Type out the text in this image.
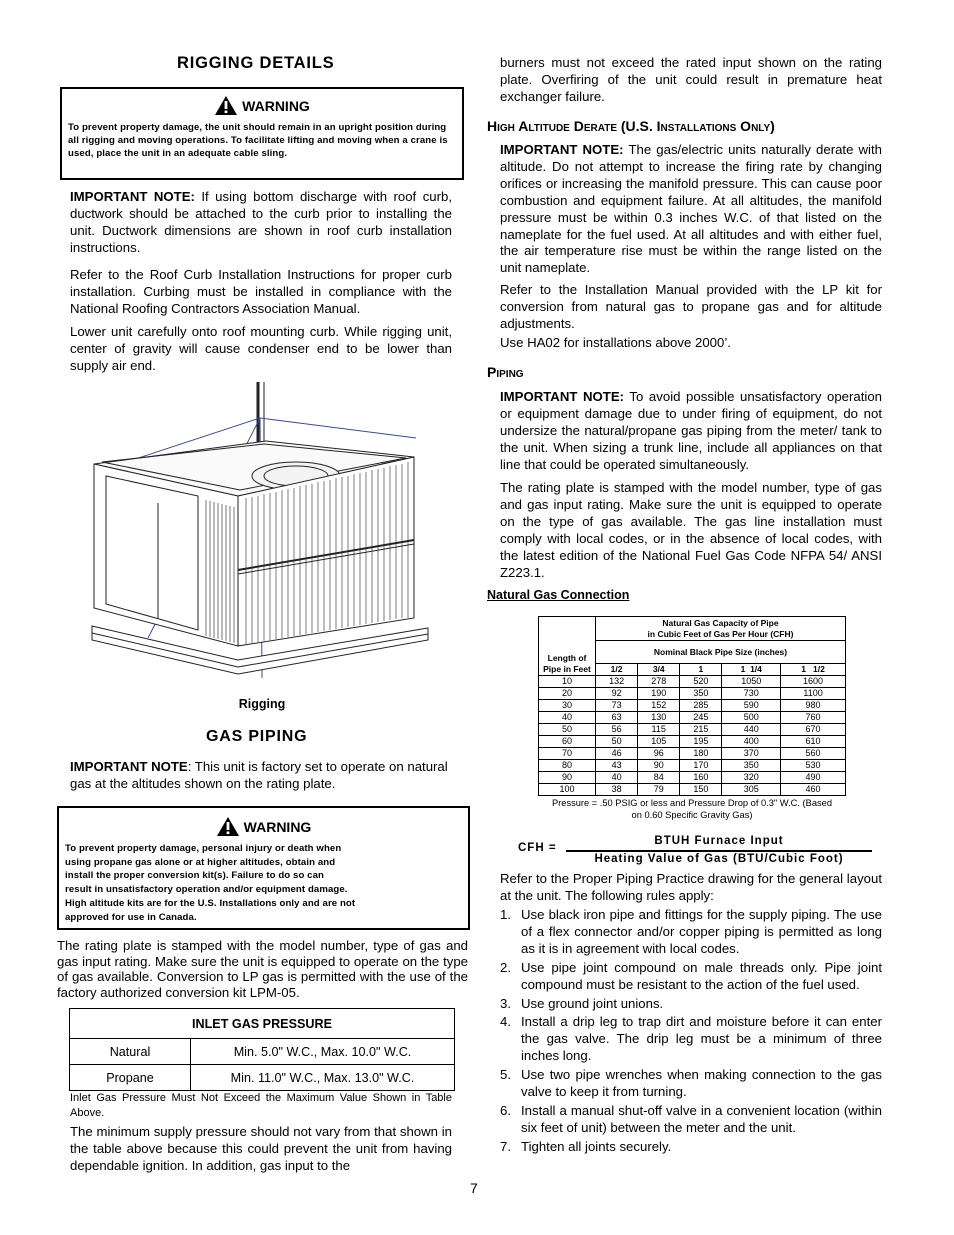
RIGGING DETAILS
WARNING
To prevent property damage, the unit should remain in an upright position during all rigging and moving operations. To facilitate lifting and moving when a crane is used, place the unit in an adequate cable sling.
IMPORTANT NOTE: If using bottom discharge with roof curb, ductwork should be attached to the curb prior to installing the unit. Ductwork dimensions are shown in roof curb installation instructions.

Refer to the Roof Curb Installation Instructions for proper curb installation. Curbing must be installed in compliance with the National Roofing Contractors Association Manual.

Lower unit carefully onto roof mounting curb. While rigging unit, center of gravity will cause condenser end to be lower than supply air end.

Rigging
GAS PIPING
IMPORTANT NOTE: This unit is factory set to operate on natural gas at the altitudes shown on the rating plate.
WARNING
To prevent property damage, personal injury or death when
using propane gas alone or at higher altitudes, obtain and
install the proper conversion kit(s). Failure to do so can
result in unsatisfactory operation and/or equipment damage.
High altitude kits are for the U.S. Installations only and are not
approved for use in Canada.

The rating plate is stamped with the model number, type of gas and gas input rating. Make sure the unit is equipped to operate on the type of gas available. Conversion to LP gas is permitted with the use of the factory authorized conversion kit LPM-05.

INLET GAS PRESSURE	
Natural	Min. 5.0" W.C., Max. 10.0" W.C.
Propane	Min. 11.0" W.C., Max. 13.0" W.C.

Inlet Gas Pressure Must Not Exceed the Maximum Value Shown in Table Above.

The minimum supply pressure should not vary from that shown in the table above because this could prevent the unit from having dependable ignition. In addition, gas input to the

burners must not exceed the rated input shown on the rating plate. Overfiring of the unit could result in premature heat exchanger failure.

High Altitude Derate (U.S. Installations Only)
IMPORTANT NOTE: The gas/electric units naturally derate with altitude. Do not attempt to increase the firing rate by changing orifices or increasing the manifold pressure. This can cause poor combustion and equipment failure. At all altitudes, the manifold pressure must be within 0.3 inches W.C. of that listed on the nameplate for the fuel used. At all altitudes and with either fuel, the air temperature rise must be within the range listed on the unit nameplate.

Refer to the Installation Manual provided with the LP kit for conversion from natural gas to propane gas and for altitude adjustments.

Use HA02 for installations above 2000’.

Piping
IMPORTANT NOTE: To avoid possible unsatisfactory operation or equipment damage due to under firing of equipment, do not undersize the natural/propane gas piping from the meter/ tank to the unit. When sizing a trunk line, include all appliances on that line that could be operated simultaneously.

The rating plate is stamped with the model number, type of gas and gas input rating. Make sure the unit is equipped to operate on the type of gas available. The gas line installation must comply with local codes, or in the absence of local codes, with the latest edition of the National Fuel Gas Code NFPA 54/ ANSI Z223.1.

Natural Gas Connection

	Natural Gas Capacity of Pipe
in Cubic Feet of Gas Per Hour (CFH)				

Length of
Pipe in Feet	Nominal Black Pipe Size (inches)				
	1/2	3/4	1	1  1/4	1   1/2
10	132	278	520	1050	1600
20	92	190	350	730	1100
30	73	152	285	590	980
40	63	130	245	500	760
50	56	115	215	440	670
60	50	105	195	400	610
70	46	96	180	370	560
80	43	90	170	350	530
90	40	84	160	320	490
100	38	79	150	305	460
Pressure = .50 PSIG or less and Pressure Drop of 0.3" W.C. (Based
on 0.60 Specific Gravity Gas)
CFH =
BTUH Furnace Input
Heating Value of Gas (BTU/Cubic Foot)

Refer to the Proper Piping Practice drawing for the general layout at the unit. The following rules apply:

1. Use black iron pipe and fittings for the supply piping. The use of a flex connector and/or copper piping is permitted as long as it is in agreement with local codes.
2. Use pipe joint compound on male threads only. Pipe joint compound must be resistant to the action of the fuel used.
3. Use ground joint unions.
4. Install a drip leg to trap dirt and moisture before it can enter the gas valve. The drip leg must be a minimum of three inches long.
5. Use two pipe wrenches when making connection to the gas valve to keep it from turning.
6. Install a manual shut-off valve in a convenient location (within six feet of unit) between the meter and the unit.
7. Tighten all joints securely.
7
